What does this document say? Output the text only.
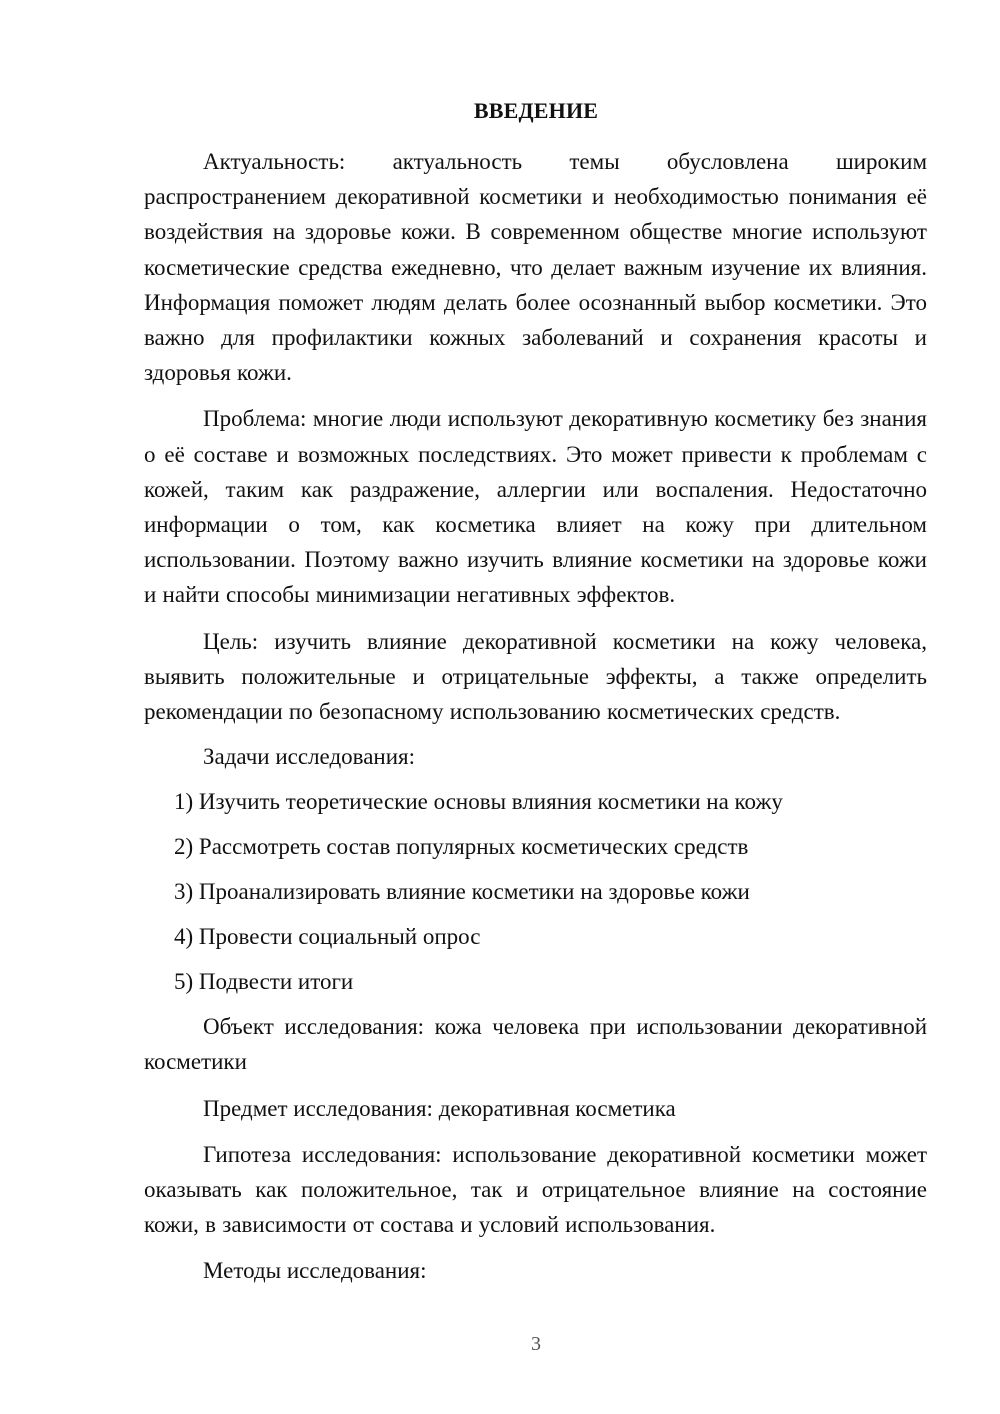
ВВЕДЕНИЕ

Актуальность: актуальность темы обусловлена широким распространением декоративной косметики и необходимостью понимания её воздействия на здоровье кожи. В современном обществе многие используют косметические средства ежедневно, что делает важным изучение их влияния. Информация поможет людям делать более осознанный выбор косметики. Это важно для профилактики кожных заболеваний и сохранения красоты и здоровья кожи.

Проблема: многие люди используют декоративную косметику без знания о её составе и возможных последствиях. Это может привести к проблемам с кожей, таким как раздражение, аллергии или воспаления. Недостаточно информации о том, как косметика влияет на кожу при длительном использовании. Поэтому важно изучить влияние косметики на здоровье кожи и найти способы минимизации негативных эффектов.

Цель: изучить влияние декоративной косметики на кожу человека, выявить положительные и отрицательные эффекты, а также определить рекомендации по безопасному использованию косметических средств.

Задачи исследования:

1) Изучить теоретические основы влияния косметики на кожу

2) Рассмотреть состав популярных косметических средств

3) Проанализировать влияние косметики на здоровье кожи

4) Провести социальный опрос

5) Подвести итоги

Объект исследования: кожа человека при использовании декоративной косметики

Предмет исследования: декоративная косметика

Гипотеза исследования: использование декоративной косметики может оказывать как положительное, так и отрицательное влияние на состояние кожи, в зависимости от состава и условий использования.

Методы исследования:

3
